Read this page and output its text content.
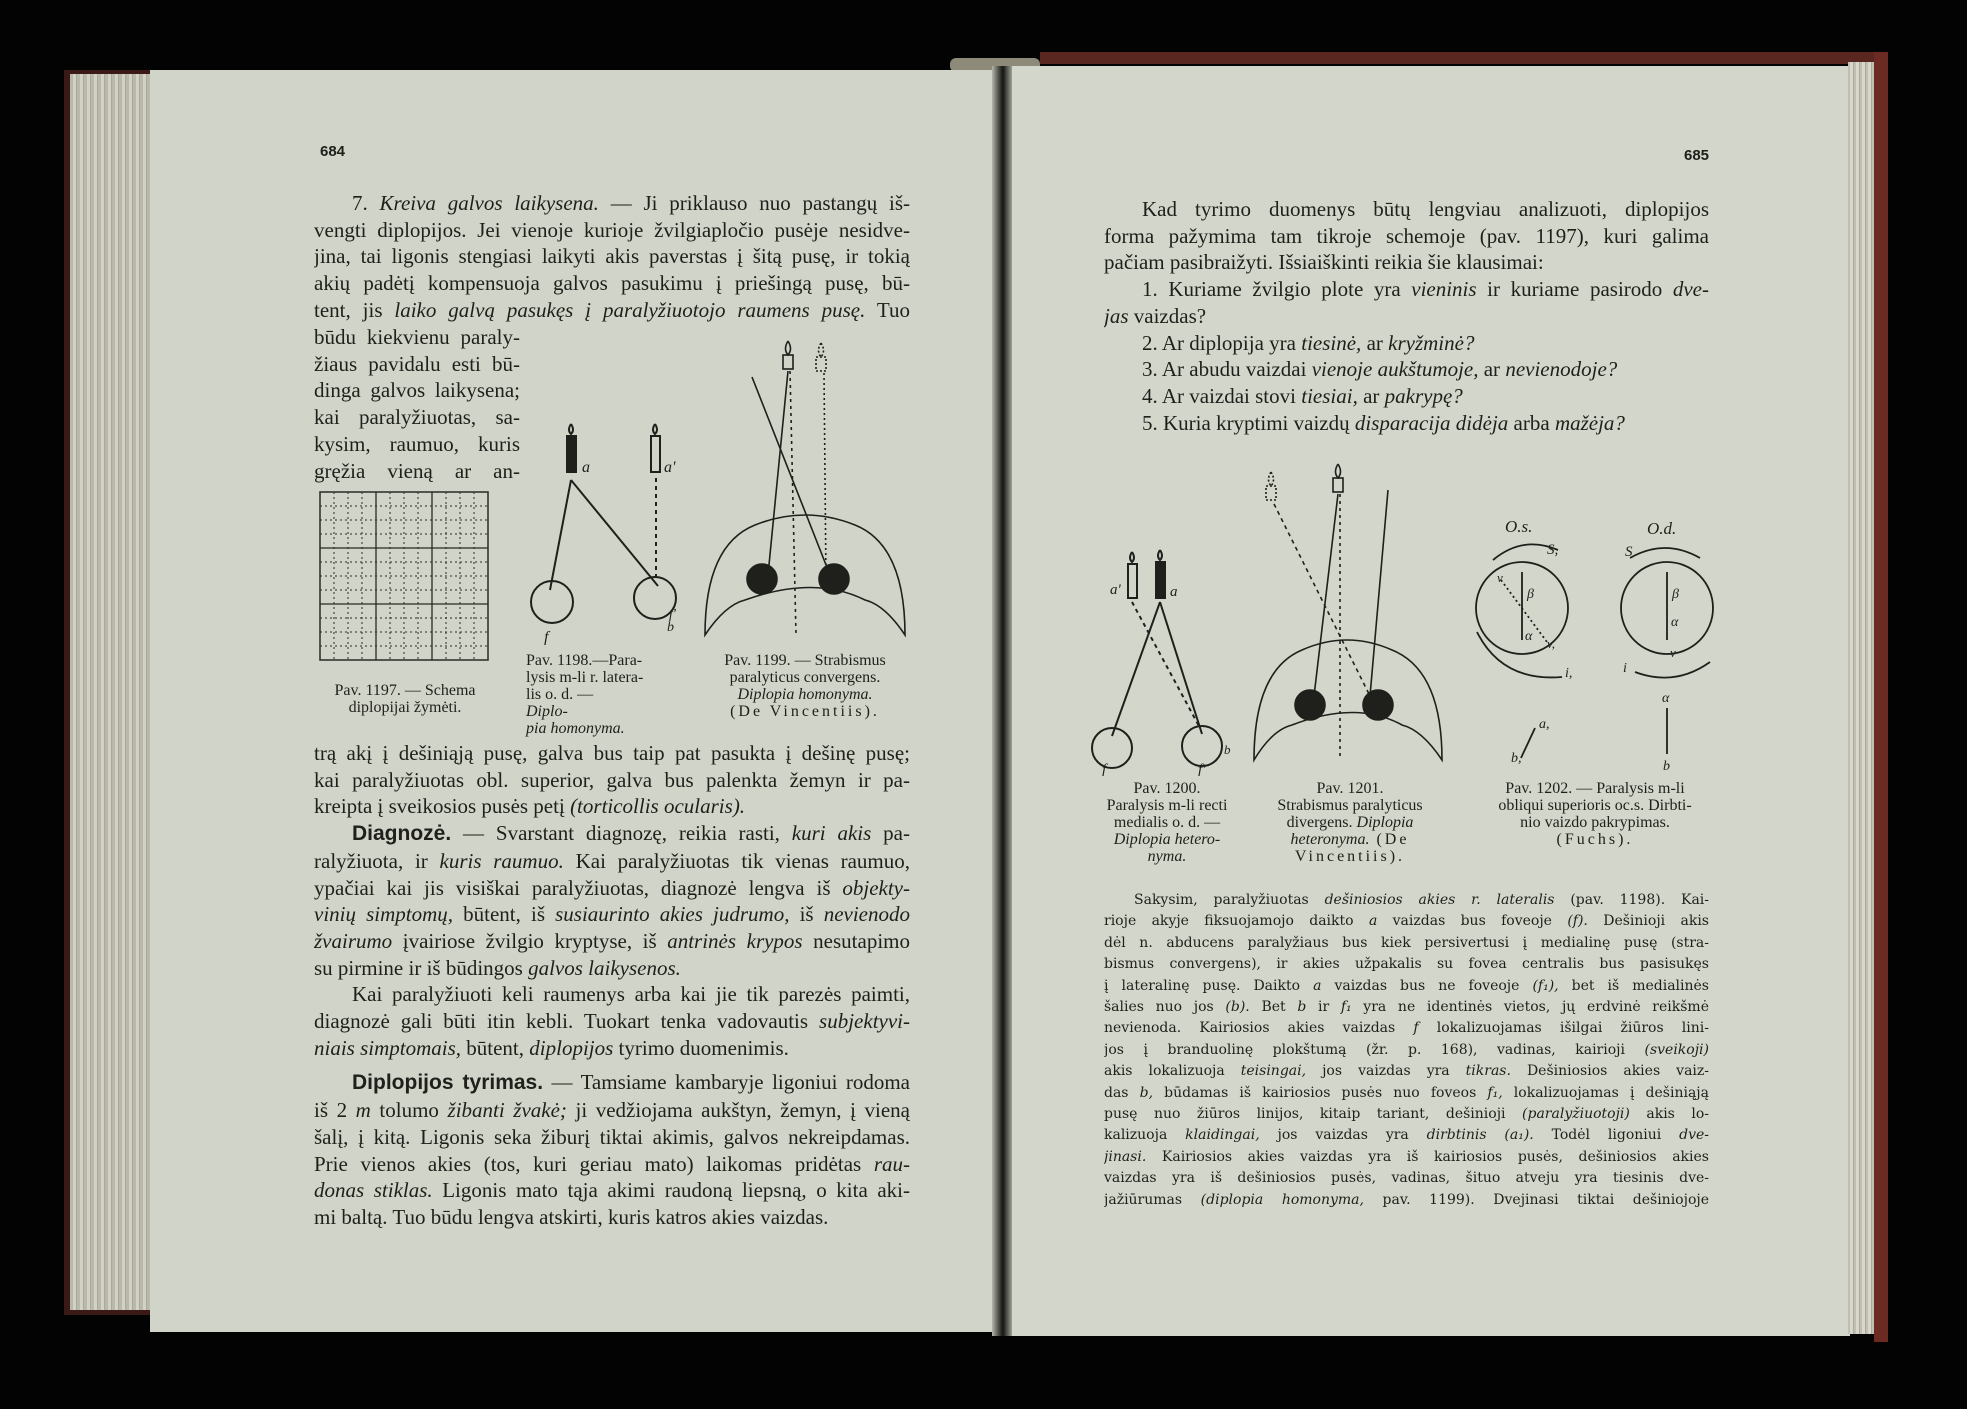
684	685
7. Kreiva galvos laikysena. — Ji priklauso nuo pastangų iš-
vengti diplopijos. Jei vienoje kurioje žvilgiapločio pusėje nesidve-
jina, tai ligonis stengiasi laikyti akis paverstas į šitą pusę, ir tokią
akių padėtį kompensuoja galvos pasukimu į priešingą pusę, bū-
tent, jis laiko galvą pasukęs į paralyžiuotojo raumens pusę. Tuo
būdu kiekvienu paraly-
žiaus pavidalu esti bū-
dinga galvos laikysena;
kai paralyžiuotas, sa-
kysim, raumuo, kuris
gręžia vieną ar an-
trą akį į dešiniąją pusę, galva bus taip pat pasukta į dešinę pusę;
kai paralyžiuotas obl. superior, galva bus palenkta žemyn ir pa-
kreipta į sveikosios pusės petį (torticollis ocularis).
Diagnozė. — Svarstant diagnozę, reikia rasti, kuri akis pa-
ralyžiuota, ir kuris raumuo. Kai paralyžiuotas tik vienas raumuo,
ypačiai kai jis visiškai paralyžiuotas, diagnozė lengva iš objekty-
vinių simptomų, būtent, iš susiaurinto akies judrumo, iš nevienodo
žvairumo įvairiose žvilgio kryptyse, iš antrinės krypos nesutapimo
su pirmine ir iš būdingos galvos laikysenos.
Kai paralyžiuoti keli raumenys arba kai jie tik parezės paimti,
diagnozė gali būti itin kebli. Tuokart tenka vadovautis subjektyvi-
niais simptomais, būtent, diplopijos tyrimo duomenimis.
Diplopijos tyrimas. — Tamsiame kambaryje ligoniui rodoma
iš 2 m tolumo žibanti žvakė; ji vedžiojama aukštyn, žemyn, į vieną
šalį, į kitą. Ligonis seka žiburį tiktai akimis, galvos nekreipdamas.
Prie vienos akies (tos, kuri geriau mato) laikomas pridėtas rau-
donas stiklas. Ligonis mato tąja akimi raudoną liepsną, o kita aki-
mi baltą. Tuo būdu lengva atskirti, kuris katros akies vaizdas.
Kad tyrimo duomenys būtų lengviau analizuoti, diplopijos
forma pažymima tam tikroje schemoje (pav. 1197), kuri galima
pačiam pasibraižyti. Išsiaiškinti reikia šie klausimai:
1. Kuriame žvilgio plote yra vieninis ir kuriame pasirodo dve-
jas vaizdas?
2. Ar diplopija yra tiesinė, ar kryžminė?
3. Ar abudu vaizdai vienoje aukštumoje, ar nevienodoje?
4. Ar vaizdai stovi tiesiai, ar pakrypę?
5. Kuria kryptimi vaizdų disparacija didėja arba mažėja?
Sakysim, paralyžiuotas dešiniosios akies r. lateralis (pav. 1198). Kai-
rioje akyje fiksuojamojo daikto a vaizdas bus foveoje (f). Dešinioji akis
dėl n. abducens paralyžiaus bus kiek persivertusi į medialinę pusę (stra-
bismus convergens), ir akies užpakalis su fovea centralis bus pasisukęs
į lateralinę pusę. Daikto a vaizdas bus ne foveoje (f₁), bet iš medialinės
šalies nuo jos (b). Bet b ir f₁ yra ne identinės vietos, jų erdvinė reikšmė
nevienoda. Kairiosios akies vaizdas f lokalizuojamas išilgai žiūros lini-
jos į branduolinę plokštumą (žr. p. 168), vadinas, kairioji (sveikoji)
akis lokalizuoja teisingai, jos vaizdas yra tikras. Dešiniosios akies vaiz-
das b, būdamas iš kairiosios pusės nuo foveos f₁, lokalizuojamas į dešiniąją
pusę nuo žiūros linijos, kitaip tariant, dešinioji (paralyžiuotoji) akis lo-
kalizuoja klaidingai, jos vaizdas yra dirbtinis (a₁). Todėl ligoniui dve-
jinasi. Kairiosios akies vaizdas yra iš kairiosios pusės, dešiniosios akies
vaizdas yra iš dešiniosios pusės, vadinas, šituo atveju yra tiesinis dve-
jažiūrumas (diplopia homonyma, pav. 1199). Dvejinasi tiktai dešiniojoje
Pav. 1197. — Schema
diplopijai žymėti.
a	a'
f
f'
b
Pav. 1198.—Para-
lysis m-li r. latera-
lis o. d. —
Diplo-
pia homonyma.
Pav. 1199. — Strabismus
paralyticus convergens.
Diplopia homonyma.
(De Vincentiis).
a'	a
f	f'
b
Pav. 1200.
Paralysis m-li recti
medialis o. d. —
Diplopia hetero-
nyma.
Pav. 1201.
Strabismus paralyticus
divergens. Diplopia
heteronyma. (De
Vincentiis).
O.s.	O.d.
S,	S
β	β
α
α
v
v,
v
i,	i
a,
b,
α
b
Pav. 1202. — Paralysis m-li
obliqui superioris oc.s. Dirbti-
nio vaizdo pakrypimas.
(Fuchs).
